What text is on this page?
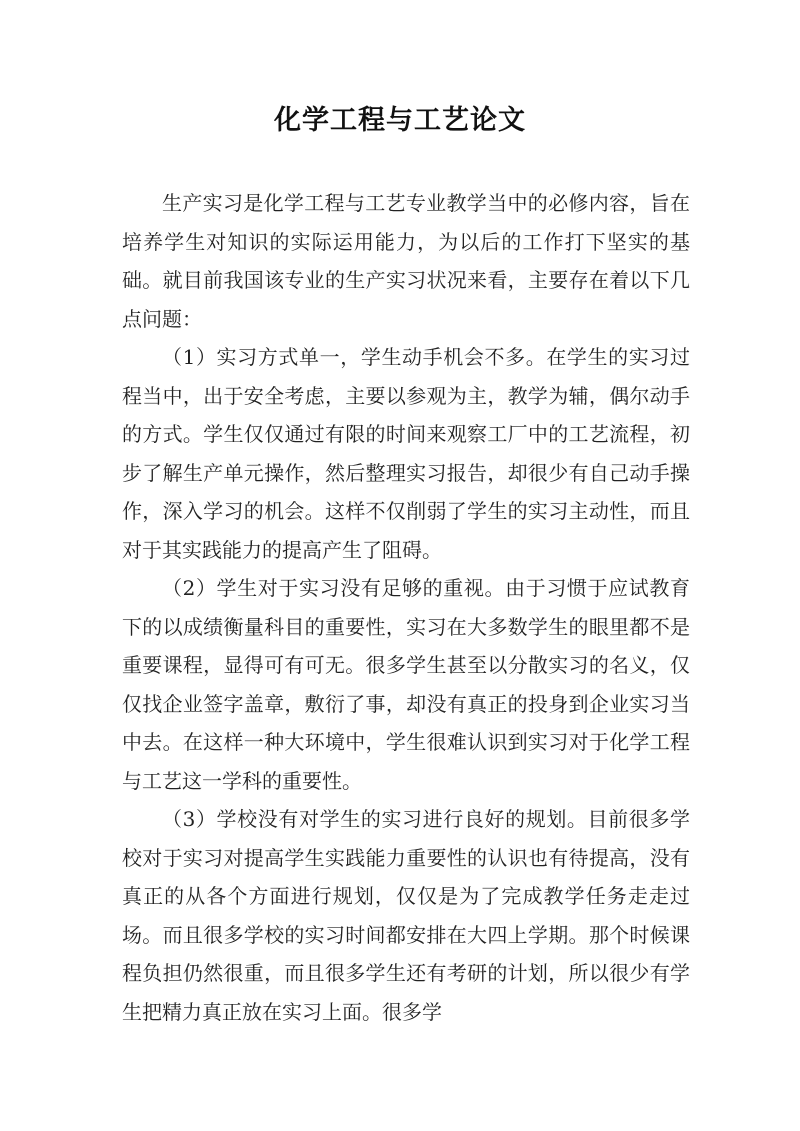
化学工程与工艺论文

生产实习是化学工程与工艺专业教学当中的必修内容，旨在培养学生对知识的实际运用能力，为以后的工作打下坚实的基础。就目前我国该专业的生产实习状况来看，主要存在着以下几点问题：

（1）实习方式单一，学生动手机会不多。在学生的实习过程当中，出于安全考虑，主要以参观为主，教学为辅，偶尔动手的方式。学生仅仅通过有限的时间来观察工厂中的工艺流程，初步了解生产单元操作，然后整理实习报告，却很少有自己动手操作，深入学习的机会。这样不仅削弱了学生的实习主动性，而且对于其实践能力的提高产生了阻碍。

（2）学生对于实习没有足够的重视。由于习惯于应试教育下的以成绩衡量科目的重要性，实习在大多数学生的眼里都不是重要课程，显得可有可无。很多学生甚至以分散实习的名义，仅仅找企业签字盖章，敷衍了事，却没有真正的投身到企业实习当中去。在这样一种大环境中，学生很难认识到实习对于化学工程与工艺这一学科的重要性。

（3）学校没有对学生的实习进行良好的规划。目前很多学校对于实习对提高学生实践能力重要性的认识也有待提高，没有真正的从各个方面进行规划，仅仅是为了完成教学任务走走过场。而且很多学校的实习时间都安排在大四上学期。那个时候课程负担仍然很重，而且很多学生还有考研的计划，所以很少有学生把精力真正放在实习上面。很多学
